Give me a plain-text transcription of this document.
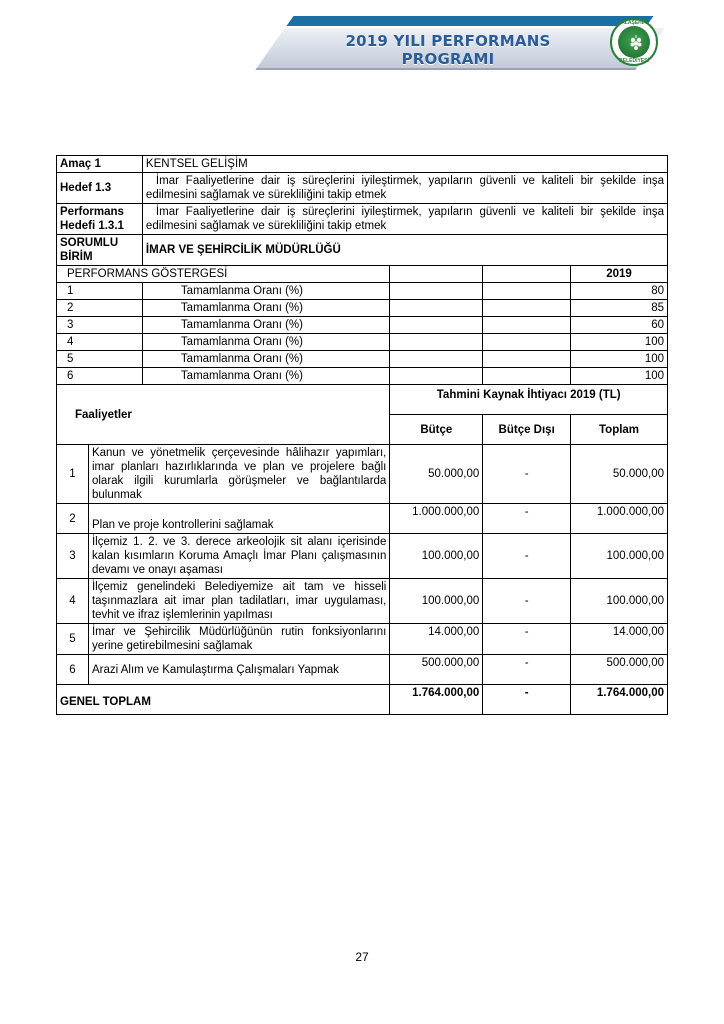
2019 YILI PERFORMANS PROGRAMI
ALAŞEHİR
BELEDİYESİ
Amaç 1		KENTSEL GELİŞİM			
Hedef 1.3		İmar Faaliyetlerine dair iş süreçlerini iyileştirmek, yapıların güvenli ve kaliteli bir şekilde inşa edilmesini sağlamak ve sürekliliğini takip etmek			

Performans
Hedefi 1.3.1		İmar Faaliyetlerine dair iş süreçlerini iyileştirmek, yapıların güvenli ve kaliteli bir şekilde inşa edilmesini sağlamak ve sürekliliğini takip etmek			

SORUMLU
BİRİM		İMAR VE ŞEHİRCİLİK MÜDÜRLÜĞÜ			
PERFORMANS GÖSTERGESİ					2019
1		Tamamlanma Oranı (%)			80
2		Tamamlanma Oranı (%)			85
3		Tamamlanma Oranı (%)			60
4		Tamamlanma Oranı (%)			100
5		Tamamlanma Oranı (%)			100
6		Tamamlanma Oranı (%)			100
Faaliyetler			Tahmini Kaynak İhtiyacı 2019 (TL)		
			Bütçe	Bütçe Dışı	Toplam
1	Kanun ve yönetmelik çerçevesinde hâlihazır yapımları, imar planları hazırlıklarında ve plan ve projelere bağlı olarak ilgili kurumlarla görüşmeler ve bağlantılarda bulunmak		50.000,00	-	50.000,00
2	Plan ve proje kontrollerini sağlamak		1.000.000,00	-	1.000.000,00
3	İlçemiz 1. 2. ve 3. derece arkeolojik sit alanı içerisinde kalan kısımların Koruma Amaçlı İmar Planı çalışmasının devamı ve onayı aşaması		100.000,00	-	100.000,00
4	İlçemiz genelindeki Belediyemize ait tam ve hisseli taşınmazlara ait imar plan tadilatları, imar uygulaması, tevhit ve ifraz işlemlerinin yapılması		100.000,00	-	100.000,00
5	İmar ve Şehircilik Müdürlüğünün rutin fonksiyonlarını yerine getirebilmesini sağlamak		14.000,00	-	14.000,00
6	Arazi Alım ve Kamulaştırma Çalışmaları Yapmak		500.000,00	-	500.000,00
GENEL TOPLAM			1.764.000,00	-	1.764.000,00
27
